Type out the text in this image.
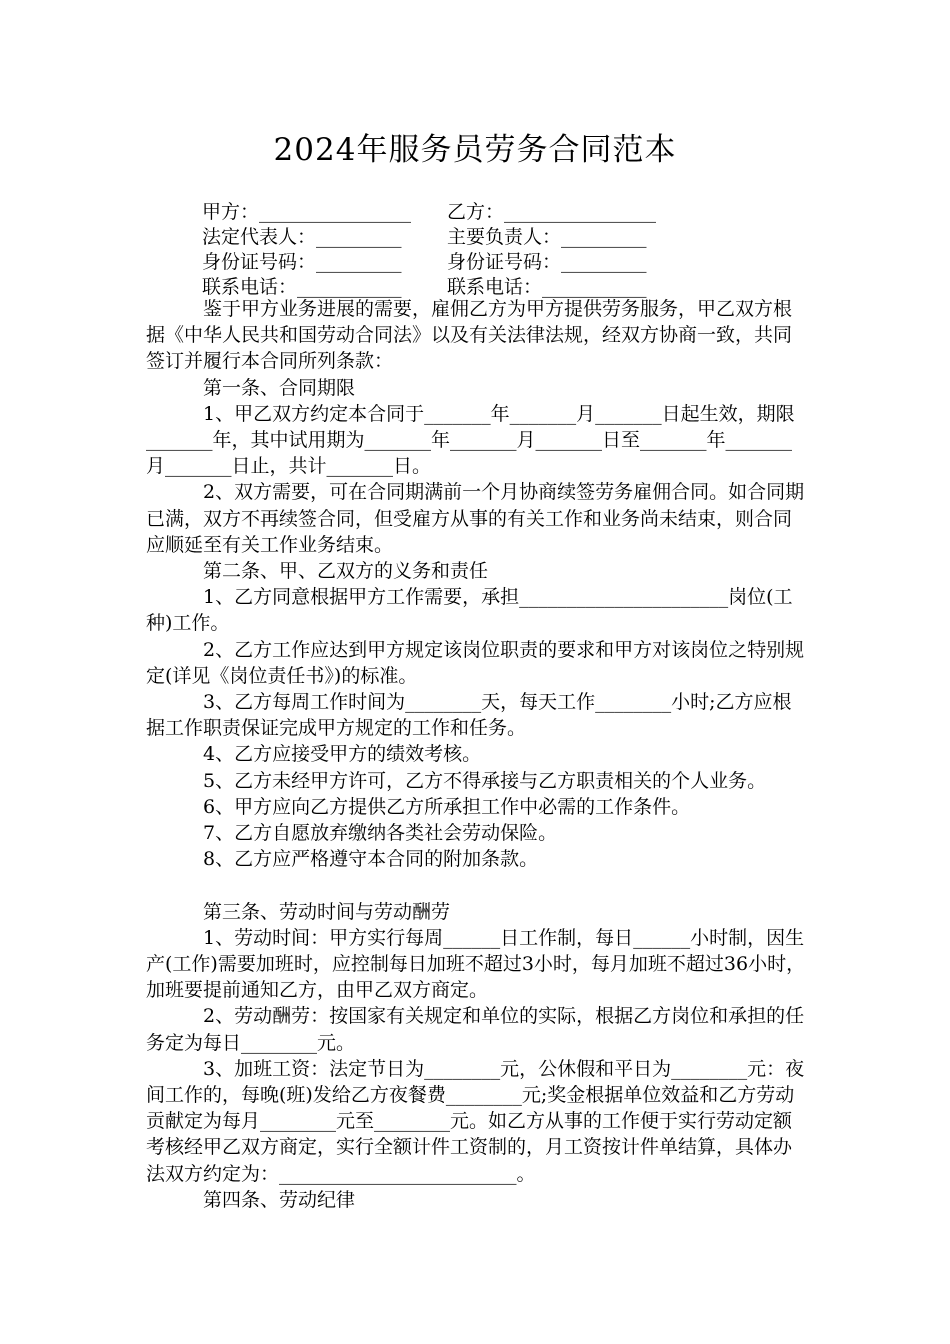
2024年服务员劳务合同范本
甲方：________________
法定代表人：_________
身份证号码：_________
联系电话：___________
乙方：________________
主要负责人：_________
身份证号码：_________
联系电话：___________

鉴于甲方业务进展的需要，雇佣乙方为甲方提供劳务服务，甲乙双方根据《中华人民共和国劳动合同法》以及有关法律法规，经双方协商一致，共同签订并履行本合同所列条款：

第一条、合同期限

1、甲乙双方约定本合同于_______年_______月_______日起生效，期限_______年，其中试用期为_______年_______月_______日至_______年_______月_______日止，共计_______日。

2、双方需要，可在合同期满前一个月协商续签劳务雇佣合同。如合同期已满，双方不再续签合同，但受雇方从事的有关工作和业务尚未结束，则合同应顺延至有关工作业务结束。

第二条、甲、乙双方的义务和责任

1、乙方同意根据甲方工作需要，承担______________________岗位(工种)工作。

2、乙方工作应达到甲方规定该岗位职责的要求和甲方对该岗位之特别规定(详见《岗位责任书》)的标准。

3、乙方每周工作时间为________天，每天工作________小时;乙方应根据工作职责保证完成甲方规定的工作和任务。

4、乙方应接受甲方的绩效考核。

5、乙方未经甲方许可，乙方不得承接与乙方职责相关的个人业务。

6、甲方应向乙方提供乙方所承担工作中必需的工作条件。

7、乙方自愿放弃缴纳各类社会劳动保险。

8、乙方应严格遵守本合同的附加条款。

第三条、劳动时间与劳动酬劳

1、劳动时间：甲方实行每周______日工作制，每日______小时制，因生产(工作)需要加班时，应控制每日加班不超过3小时，每月加班不超过36小时，加班要提前通知乙方，由甲乙双方商定。

2、劳动酬劳：按国家有关规定和单位的实际，根据乙方岗位和承担的任务定为每日________元。

3、加班工资：法定节日为________元，公休假和平日为________元：夜间工作的，每晚(班)发给乙方夜餐费________元;奖金根据单位效益和乙方劳动贡献定为每月________元至________元。如乙方从事的工作便于实行劳动定额考核经甲乙双方商定，实行全额计件工资制的，月工资按计件单结算，具体办法双方约定为：_________________________。

第四条、劳动纪律
